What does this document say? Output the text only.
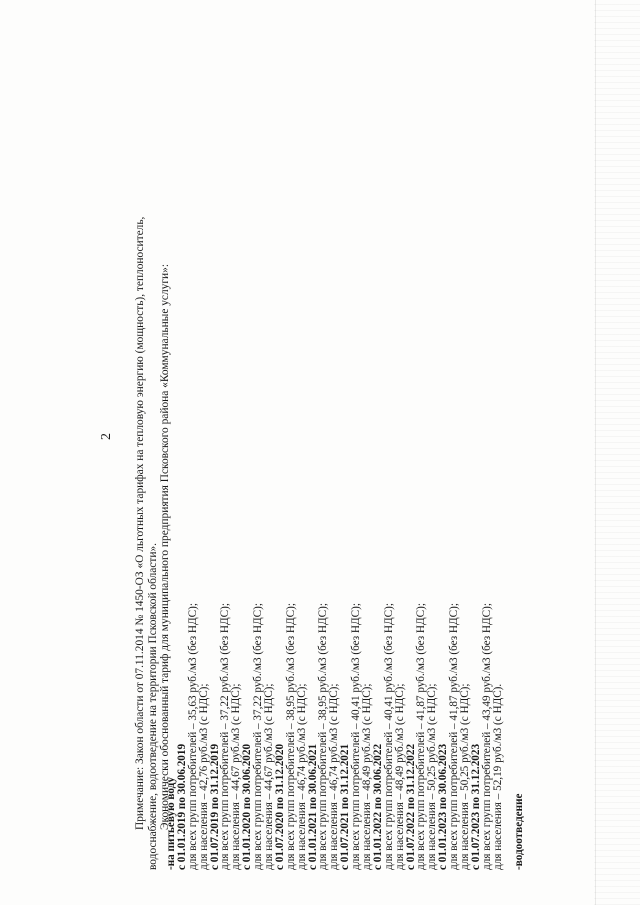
2 Примечание: Закон области от 07.11.2014 № 1450-ОЗ «О льготных тарифах на тепловую энергию (мощность), теплоноситель, водоснабжение, водоотведение на территории Псковской области». Экономически обоснованный тариф для муниципального предприятия Псковского района «Коммунальные услуги»:

-на питьевую воду
с 01.01.2019 по 30.06.2019
для всех групп потребителей – 35,63 руб./м3 (без НДС);
для населения – 42,76 руб./м3 (с НДС);
с 01.07.2019 по 31.12.2019
для всех групп потребителей – 37,22 руб./м3 (без НДС);
для населения – 44,67 руб./м3 (с НДС);
с 01.01.2020 по 30.06.2020
для всех групп потребителей – 37,22 руб./м3 (без НДС);
для населения – 44,67 руб./м3 (с НДС);
с 01.07.2020 по 31.12.2020
для всех групп потребителей – 38,95 руб./м3 (без НДС);
для населения – 46,74 руб./м3 (с НДС);
с 01.01.2021 по 30.06.2021
для всех групп потребителей – 38,95 руб./м3 (без НДС);
для населения – 46,74 руб./м3 (с НДС);
с 01.07.2021 по 31.12.2021
для всех групп потребителей – 40,41 руб./м3 (без НДС);
для населения – 48,49 руб./м3 (с НДС);
с 01.01.2022 по 30.06.2022
для всех групп потребителей – 40,41 руб./м3 (без НДС);
для населения – 48,49 руб./м3 (с НДС);
с 01.07.2022 по 31.12.2022
для всех групп потребителей – 41,87 руб./м3 (без НДС);
для населения – 50,25 руб./м3 (с НДС);
с 01.01.2023 по 30.06.2023
для всех групп потребителей – 41,87 руб./м3 (без НДС);
для населения – 50,25 руб./м3 (с НДС);
с 01.07.2023 по 31.12.2023
для всех групп потребителей – 43,49 руб./м3 (без НДС);
для населения – 52,19 руб./м3 (с НДС). -водоотведение
